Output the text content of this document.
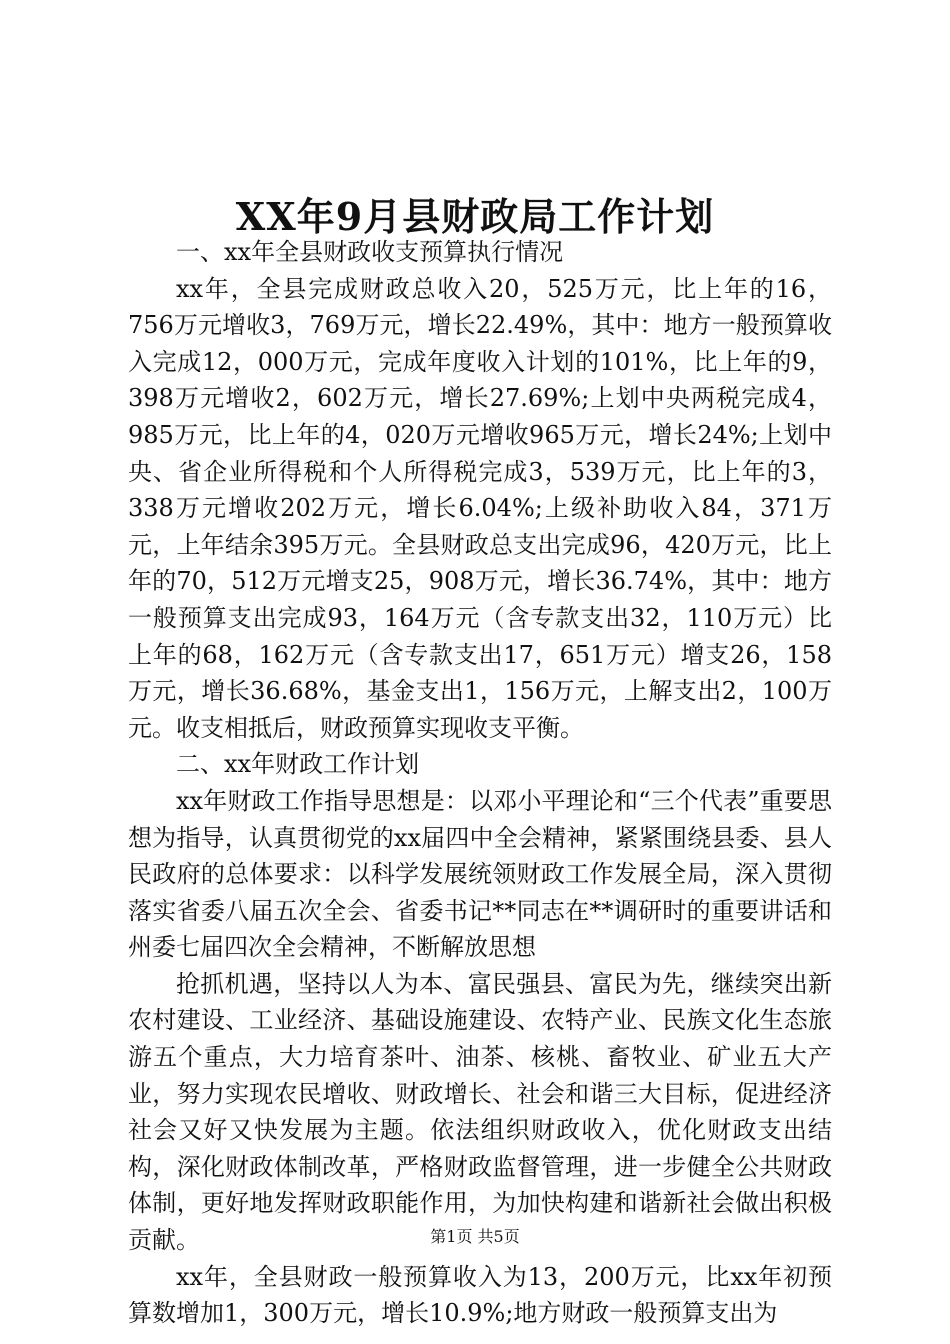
XX年9月县财政局工作计划

一、xx年全县财政收支预算执行情况

xx年，全县完成财政总收入20，525万元，比上年的16，756万元增收3，769万元，增长22.49%，其中：地方一般预算收入完成12，000万元，完成年度收入计划的101%，比上年的9，398万元增收2，602万元，增长27.69%;上划中央两税完成4，985万元，比上年的4，020万元增收965万元，增长24%;上划中央、省企业所得税和个人所得税完成3，539万元，比上年的3，338万元增收202万元，增长6.04%;上级补助收入84，371万元，上年结余395万元。全县财政总支出完成96，420万元，比上年的70，512万元增支25，908万元，增长36.74%，其中：地方一般预算支出完成93，164万元（含专款支出32，110万元）比上年的68，162万元（含专款支出17，651万元）增支26，158万元，增长36.68%，基金支出1，156万元，上解支出2，100万元。收支相抵后，财政预算实现收支平衡。

二、xx年财政工作计划

xx年财政工作指导思想是：以邓小平理论和“三个代表”重要思想为指导，认真贯彻党的xx届四中全会精神，紧紧围绕县委、县人民政府的总体要求：以科学发展统领财政工作发展全局，深入贯彻落实省委八届五次全会、省委书记**同志在**调研时的重要讲话和州委七届四次全会精神，不断解放思想

抢抓机遇，坚持以人为本、富民强县、富民为先，继续突出新农村建设、工业经济、基础设施建设、农特产业、民族文化生态旅游五个重点，大力培育茶叶、油茶、核桃、畜牧业、矿业五大产业，努力实现农民增收、财政增长、社会和谐三大目标，促进经济社会又好又快发展为主题。依法组织财政收入，优化财政支出结构，深化财政体制改革，严格财政监督管理，进一步健全公共财政体制，更好地发挥财政职能作用，为加快构建和谐新社会做出积极贡献。

xx年，全县财政一般预算收入为13，200万元，比xx年初预算数增加1，300万元，增长10.9%;地方财政一般预算支出为

第1页 共5页
